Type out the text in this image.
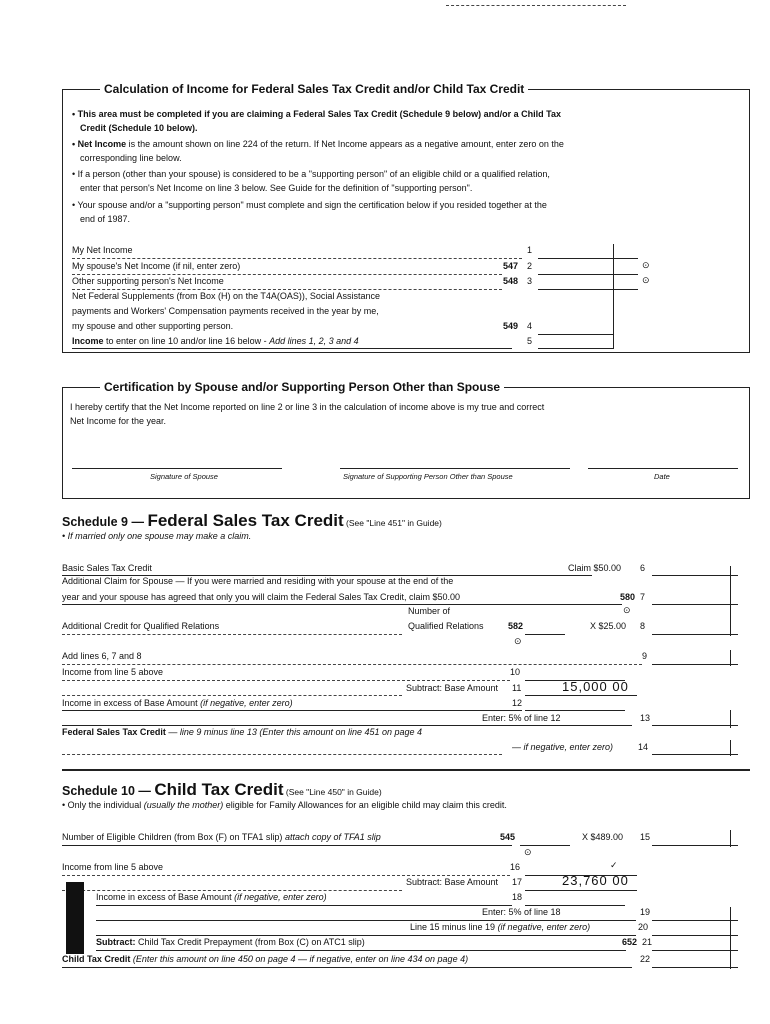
Calculation of Income for Federal Sales Tax Credit and/or Child Tax Credit
• This area must be completed if you are claiming a Federal Sales Tax Credit (Schedule 9 below) and/or a Child Tax
Credit (Schedule 10 below).
• Net Income is the amount shown on line 224 of the return. If Net Income appears as a negative amount, enter zero on the
corresponding line below.
• If a person (other than your spouse) is considered to be a "supporting person" of an eligible child or a qualified relation,
enter that person's Net Income on line 3 below. See Guide for the definition of "supporting person".
• Your spouse and/or a "supporting person" must complete and sign the certification below if you resided together at the
end of 1987.
My Net Income	1
My spouse's Net Income (if nil, enter zero)	547 2	⊙
Other supporting person's Net Income	548 3	⊙
Net Federal Supplements (from Box (H) on the T4A(OAS)), Social Assistance
payments and Workers' Compensation payments received in the year by me,
my spouse and other supporting person.	549 4
Income to enter on line 10 and/or line 16 below - Add lines 1, 2, 3 and 4	5
Certification by Spouse and/or Supporting Person Other than Spouse
I hereby certify that the Net Income reported on line 2 or line 3 in the calculation of income above is my true and correct
Net Income for the year.
Signature of Spouse	Signature of Supporting Person Other than Spouse	Date
Schedule 9 — Federal Sales Tax Credit (See "Line 451" in Guide)
• If married only one spouse may make a claim.
Basic Sales Tax Credit	Claim $50.00 6
Additional Claim for Spouse — If you were married and residing with your spouse at the end of the
year and your spouse has agreed that only you will claim the Federal Sales Tax Credit, claim $50.00	580 7
Number of	⊙
Additional Credit for Qualified Relations	Qualified Relations	582	X $25.00 8
⊙
Add lines 6, 7 and 8	9
Income from line 5 above	10
Subtract: Base Amount 11	15,000 00
Income in excess of Base Amount (if negative, enter zero)	12
Enter: 5% of line 12	13
Federal Sales Tax Credit — line 9 minus line 13 (Enter this amount on line 451 on page 4
— if negative, enter zero)	14
Schedule 10 — Child Tax Credit (See "Line 450" in Guide)
• Only the individual (usually the mother) eligible for Family Allowances for an eligible child may claim this credit.
Number of Eligible Children (from Box (F) on TFA1 slip) attach copy of TFA1 slip	545	X $489.00 15
⊙
Income from line 5 above	16	✓
Subtract: Base Amount 17	23,760 00
Income in excess of Base Amount (if negative, enter zero)	18
Enter: 5% of line 18	19
Line 15 minus line 19 (if negative, enter zero)	20
Subtract: Child Tax Credit Prepayment (from Box (C) on ATC1 slip)	652 21
Child Tax Credit (Enter this amount on line 450 on page 4 — if negative, enter on line 434 on page 4)	22
